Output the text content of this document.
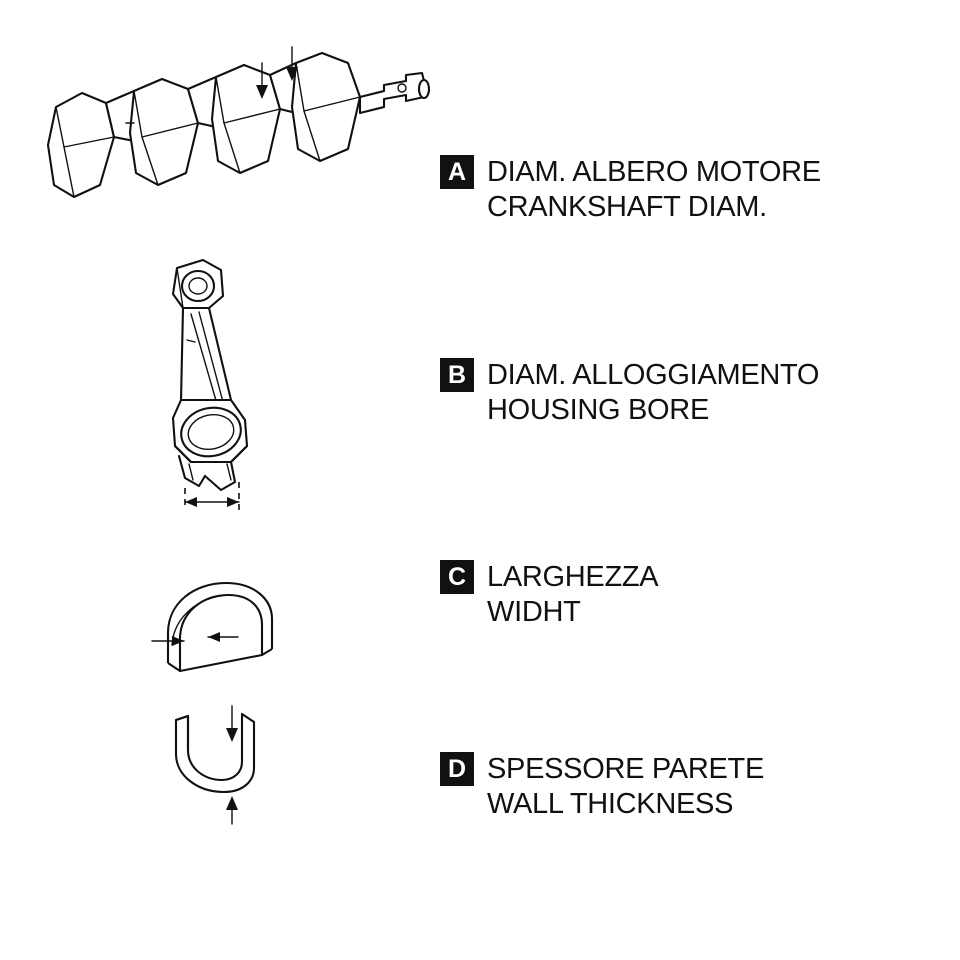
A DIAM. ALBERO MOTORE
CRANKSHAFT DIAM.
B DIAM. ALLOGGIAMENTO
HOUSING BORE
C LARGHEZZA
WIDHT
D SPESSORE PARETE
WALL THICKNESS
